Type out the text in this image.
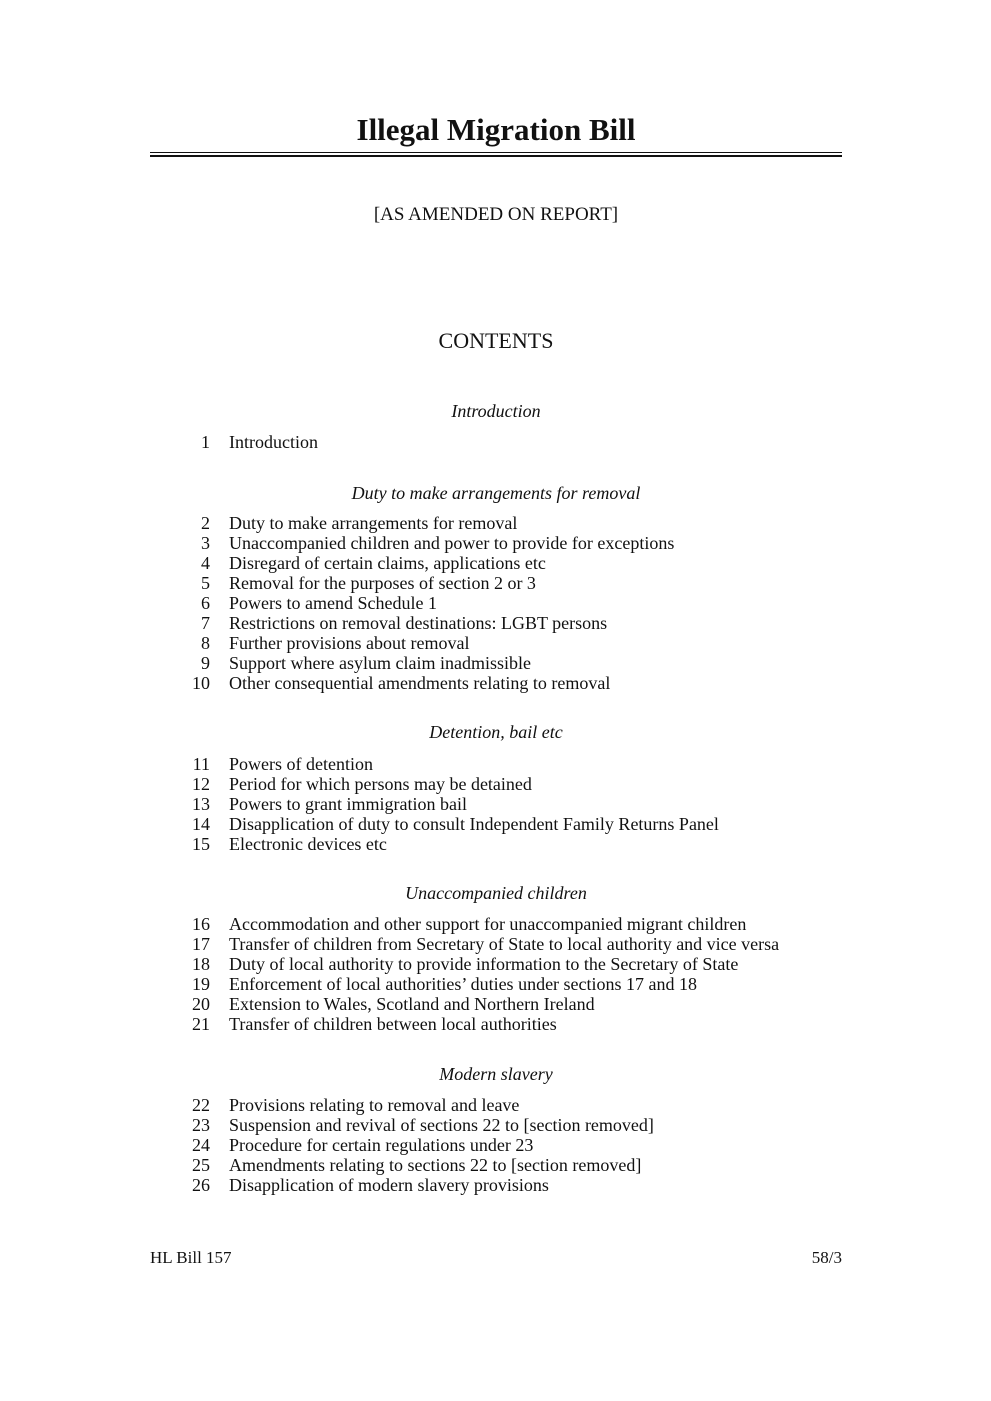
Illegal Migration Bill
[AS AMENDED ON REPORT]
CONTENTS
Introduction
1 Introduction
Duty to make arrangements for removal
2 Duty to make arrangements for removal
3 Unaccompanied children and power to provide for exceptions
4 Disregard of certain claims, applications etc
5 Removal for the purposes of section 2 or 3
6 Powers to amend Schedule 1
7 Restrictions on removal destinations: LGBT persons
8 Further provisions about removal
9 Support where asylum claim inadmissible
10 Other consequential amendments relating to removal
Detention, bail etc
11 Powers of detention
12 Period for which persons may be detained
13 Powers to grant immigration bail
14 Disapplication of duty to consult Independent Family Returns Panel
15 Electronic devices etc
Unaccompanied children
16 Accommodation and other support for unaccompanied migrant children
17 Transfer of children from Secretary of State to local authority and vice versa
18 Duty of local authority to provide information to the Secretary of State
19 Enforcement of local authorities’ duties under sections 17 and 18
20 Extension to Wales, Scotland and Northern Ireland
21 Transfer of children between local authorities
Modern slavery
22 Provisions relating to removal and leave
23 Suspension and revival of sections 22 to [section removed]
24 Procedure for certain regulations under 23
25 Amendments relating to sections 22 to [section removed]
26 Disapplication of modern slavery provisions
HL Bill 157	58/3
